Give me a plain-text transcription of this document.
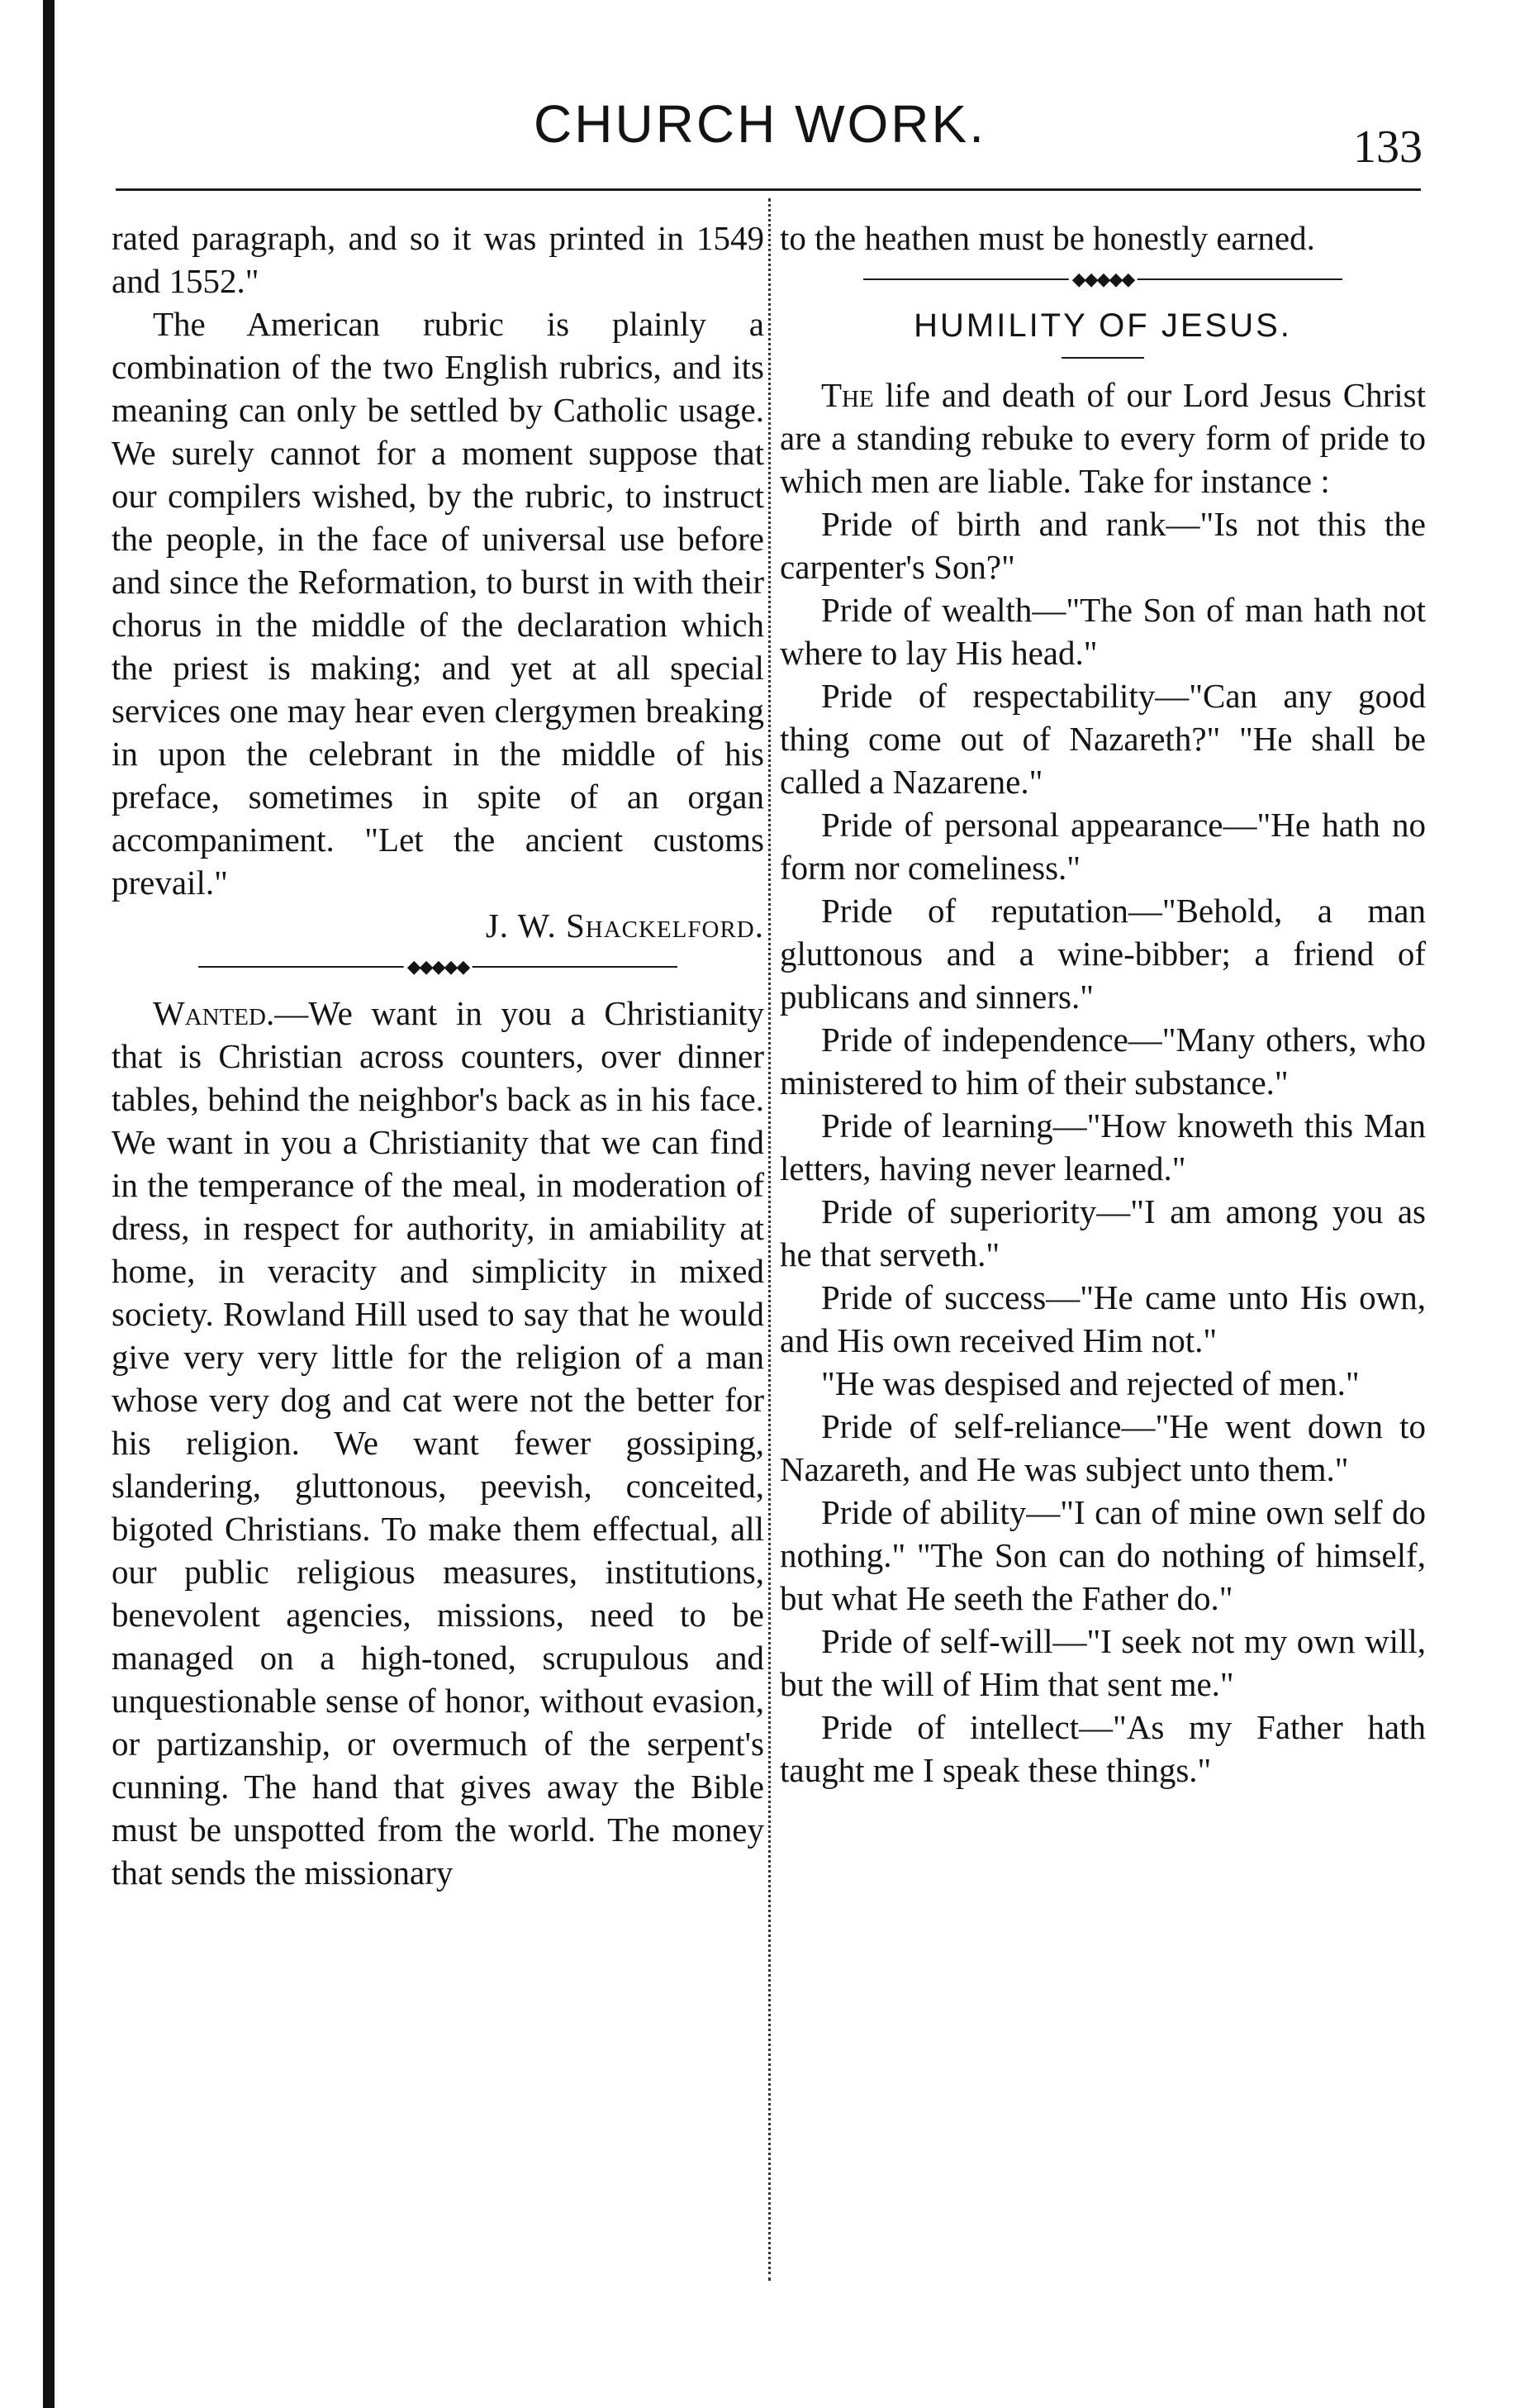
CHURCH WORK.	133

rated paragraph, and so it was printed in 1549 and 1552."

The American rubric is plainly a combination of the two English rubrics, and its meaning can only be settled by Catholic usage. We surely cannot for a moment suppose that our compilers wished, by the rubric, to instruct the people, in the face of universal use before and since the Reformation, to burst in with their chorus in the middle of the declaration which the priest is making; and yet at all special services one may hear even clergymen breaking in upon the celebrant in the middle of his preface, sometimes in spite of an organ accompaniment. "Let the ancient customs prevail."

J. W. Shackelford.

◆◆◆◆◆

Wanted.—We want in you a Christianity that is Christian across counters, over dinner tables, behind the neighbor's back as in his face. We want in you a Christianity that we can find in the temperance of the meal, in moderation of dress, in respect for authority, in amiability at home, in veracity and simplicity in mixed society. Rowland Hill used to say that he would give very very little for the religion of a man whose very dog and cat were not the better for his religion. We want fewer gossiping, slandering, gluttonous, peevish, conceited, bigoted Christians. To make them effectual, all our public religious measures, institutions, benevolent agencies, missions, need to be managed on a high-toned, scrupulous and unquestionable sense of honor, without evasion, or partizanship, or overmuch of the serpent's cunning. The hand that gives away the Bible must be unspotted from the world. The money that sends the missionary

to the heathen must be honestly earned.

◆◆◆◆◆
HUMILITY OF JESUS.

The life and death of our Lord Jesus Christ are a standing rebuke to every form of pride to which men are liable. Take for instance :

Pride of birth and rank—"Is not this the carpenter's Son?"

Pride of wealth—"The Son of man hath not where to lay His head."

Pride of respectability—"Can any good thing come out of Nazareth?" "He shall be called a Nazarene."

Pride of personal appearance—"He hath no form nor comeliness."

Pride of reputation—"Behold, a man gluttonous and a wine-bibber; a friend of publicans and sinners."

Pride of independence—"Many others, who ministered to him of their substance."

Pride of learning—"How knoweth this Man letters, having never learned."

Pride of superiority—"I am among you as he that serveth."

Pride of success—"He came unto His own, and His own received Him not."

"He was despised and rejected of men."

Pride of self-reliance—"He went down to Nazareth, and He was subject unto them."

Pride of ability—"I can of mine own self do nothing." "The Son can do nothing of himself, but what He seeth the Father do."

Pride of self-will—"I seek not my own will, but the will of Him that sent me."

Pride of intellect—"As my Father hath taught me I speak these things."
